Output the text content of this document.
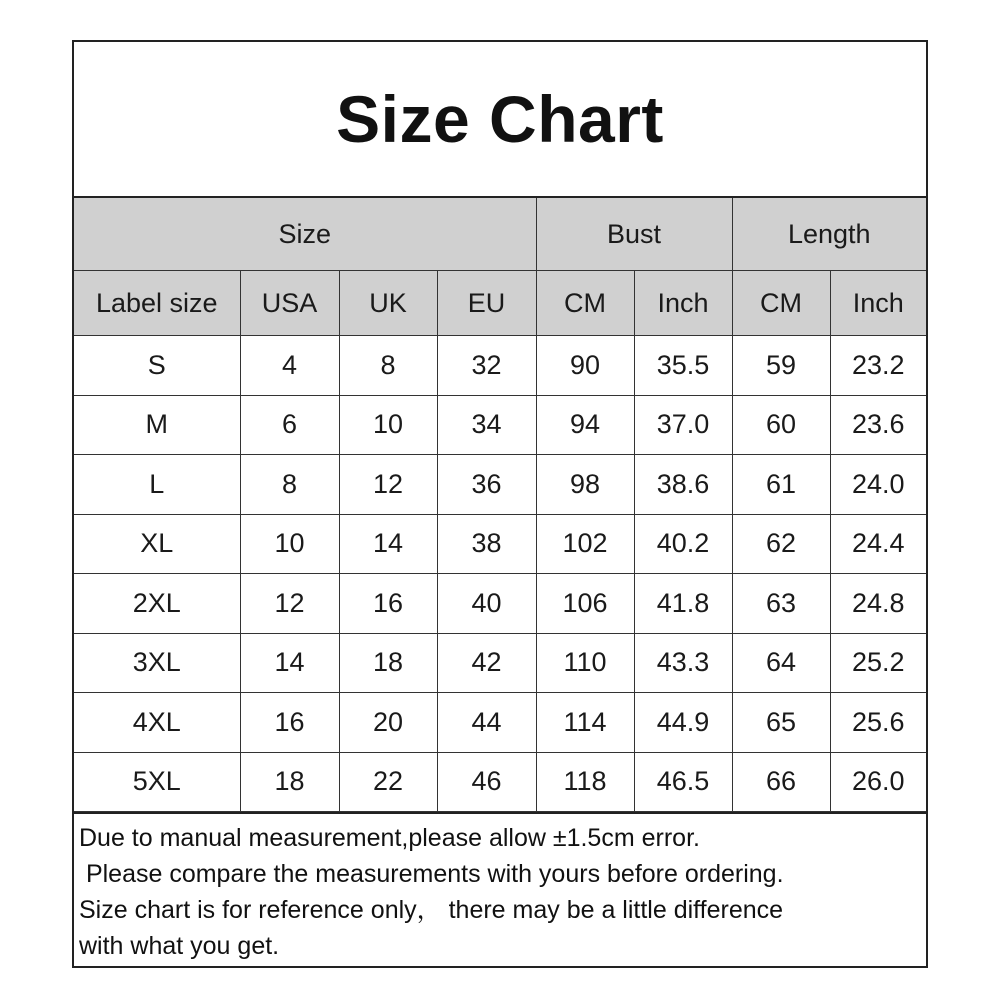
Size Chart
Size				Bust		Length	
Label size	USA	UK	EU	CM	Inch	CM	Inch
S	4	8	32	90	35.5	59	23.2
M	6	10	34	94	37.0	60	23.6
L	8	12	36	98	38.6	61	24.0
XL	10	14	38	102	40.2	62	24.4
2XL	12	16	40	106	41.8	63	24.8
3XL	14	18	42	110	43.3	64	25.2
4XL	16	20	44	114	44.9	65	25.6
5XL	18	22	46	118	46.5	66	26.0
Due to manual measurement,please allow ±1.5cm error.
Please compare the measurements with yours before ordering.
Size chart is for reference only， there may be a little difference
with what you get.
